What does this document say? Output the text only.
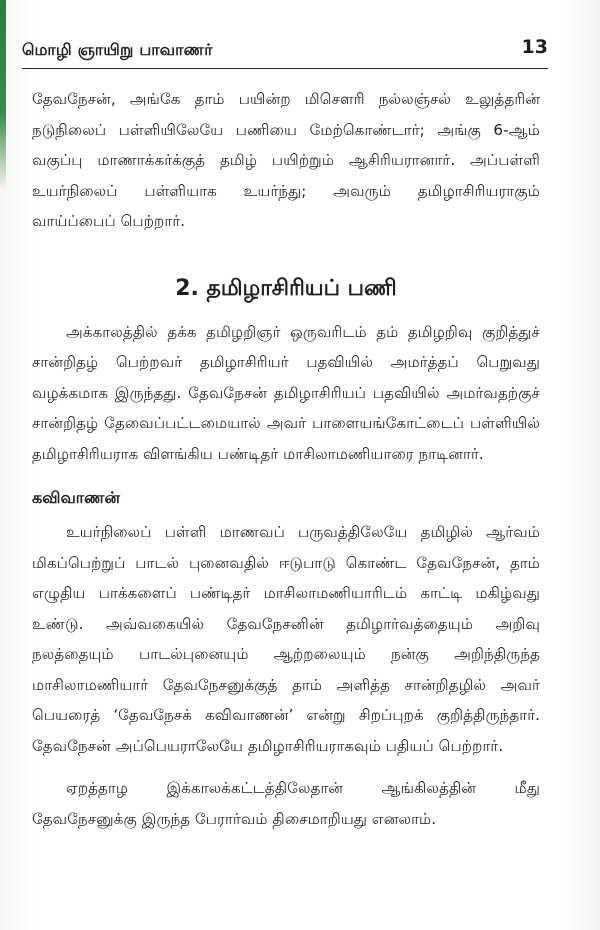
மொழி ஞாயிறு பாவாணர்	13

தேவநேசன், அங்கே தாம் பயின்ற மிசௌரி நல்லஞ்சல் உலுத்தரின் நடுநிலைப் பள்ளியிலேயே பணியை மேற்கொண்டார்; அங்கு 6-ஆம் வகுப்பு மாணாக்கர்க்குத் தமிழ் பயிற்றும் ஆசிரியரானார். அப்பள்ளி உயர்நிலைப் பள்ளியாக உயர்ந்து; அவரும் தமிழாசிரியராகும் வாய்ப்பைப் பெற்றார்.

2. தமிழாசிரியப் பணி

அக்காலத்தில் தக்க தமிழறிஞர் ஒருவரிடம் தம் தமிழறிவு குறித்துச் சான்றிதழ் பெற்றவர் தமிழாசிரியர் பதவியில் அமர்த்தப் பெறுவது வழக்கமாக இருந்தது. தேவநேசன் தமிழாசிரியப் பதவியில் அமர்வதற்குச் சான்றிதழ் தேவைப்பட்டமையால் அவர் பாளையங்கோட்டைப் பள்ளியில் தமிழாசிரியராக விளங்கிய பண்டிதர் மாசிலாமணியாரை நாடினார்.

கவிவாணன்

உயர்நிலைப் பள்ளி மாணவப் பருவத்திலேயே தமிழில் ஆர்வம் மிகப்பெற்றுப் பாடல் புனைவதில் ஈடுபாடு கொண்ட தேவநேசன், தாம் எழுதிய பாக்களைப் பண்டிதர் மாசிலாமணியாரிடம் காட்டி மகிழ்வது உண்டு. அவ்வகையில் தேவநேசனின் தமிழார்வத்தையும் அறிவு நலத்தையும் பாடல்புனையும் ஆற்றலையும் நன்கு அறிந்திருந்த மாசிலாமணியார் தேவநேசனுக்குத் தாம் அளித்த சான்றிதழில் அவர் பெயரைத் ‘தேவநேசக் கவிவாணன்’ என்று சிறப்புறக் குறித்திருந்தார். தேவநேசன் அப்பெயராலேயே தமிழாசிரியராகவும் பதியப் பெற்றார்.

ஏறத்தாழ இக்காலக்கட்டத்திலேதான் ஆங்கிலத்தின் மீது தேவநேசனுக்கு இருந்த பேரார்வம் திசைமாறியது எனலாம்.
